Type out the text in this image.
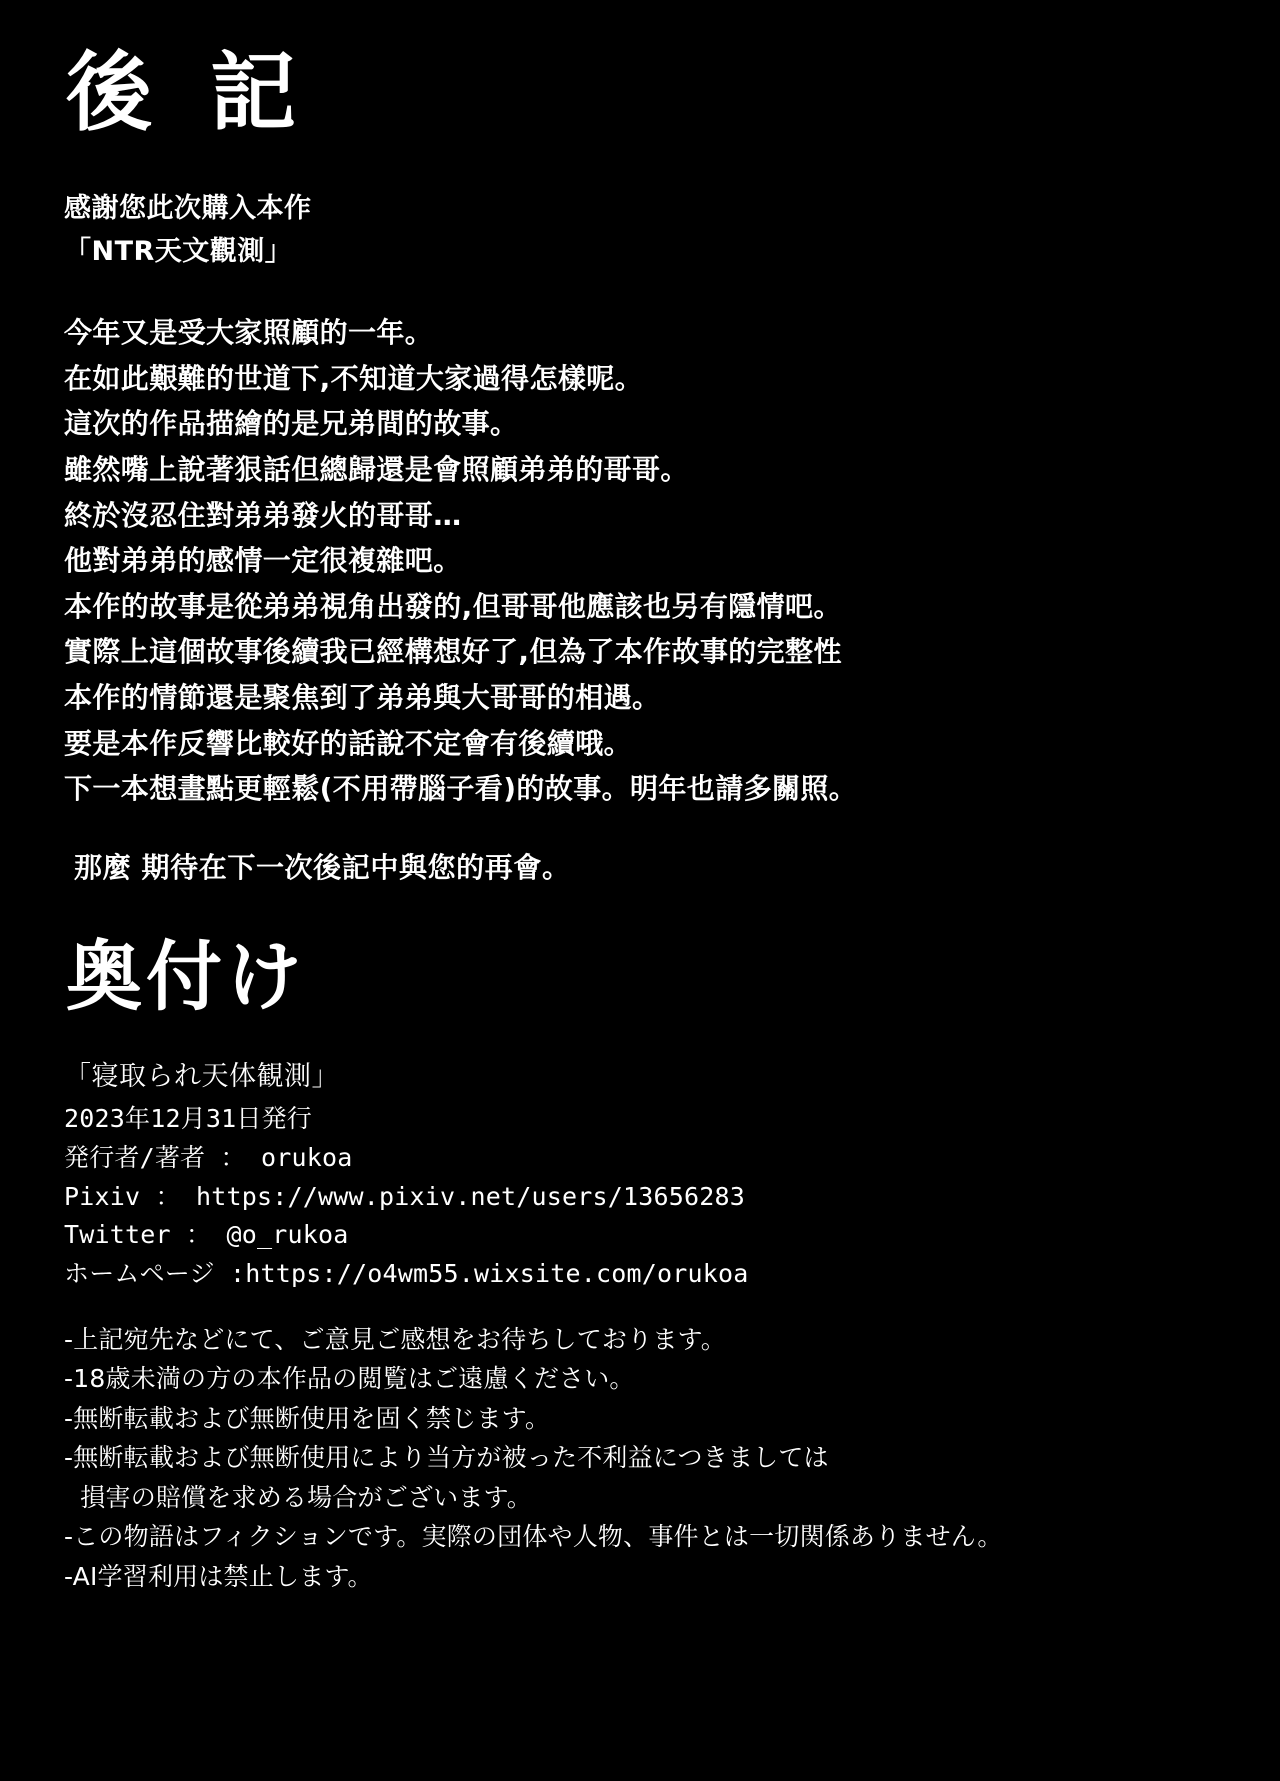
後 記
感謝您此次購入本作
「NTR天文觀測」
今年又是受大家照顧的一年。
在如此艱難的世道下,不知道大家過得怎樣呢。
這次的作品描繪的是兄弟間的故事。
雖然嘴上說著狠話但總歸還是會照顧弟弟的哥哥。
終於沒忍住對弟弟發火的哥哥…
他對弟弟的感情一定很複雜吧。
本作的故事是從弟弟視角出發的,但哥哥他應該也另有隱情吧。
實際上這個故事後續我已經構想好了,但為了本作故事的完整性
本作的情節還是聚焦到了弟弟與大哥哥的相遇。
要是本作反響比較好的話說不定會有後續哦。
下一本想畫點更輕鬆(不用帶腦子看)的故事。明年也請多關照。
那麼 期待在下一次後記中與您的再會。
奥付け
「寝取られ天体観測」
2023年12月31日発行
発行者/著者 ： orukoa
Pixiv ： https://www.pixiv.net/users/13656283
Twitter ： @o_rukoa
ホームページ :https://o4wm55.wixsite.com/orukoa
-上記宛先などにて、ご意見ご感想をお待ちしております。
-18歳未満の方の本作品の閲覧はご遠慮ください。
-無断転載および無断使用を固く禁じます。
-無断転載および無断使用により当方が被った不利益につきましては
損害の賠償を求める場合がございます。
-この物語はフィクションです。実際の団体や人物、事件とは一切関係ありません。
-AI学習利用は禁止します。
